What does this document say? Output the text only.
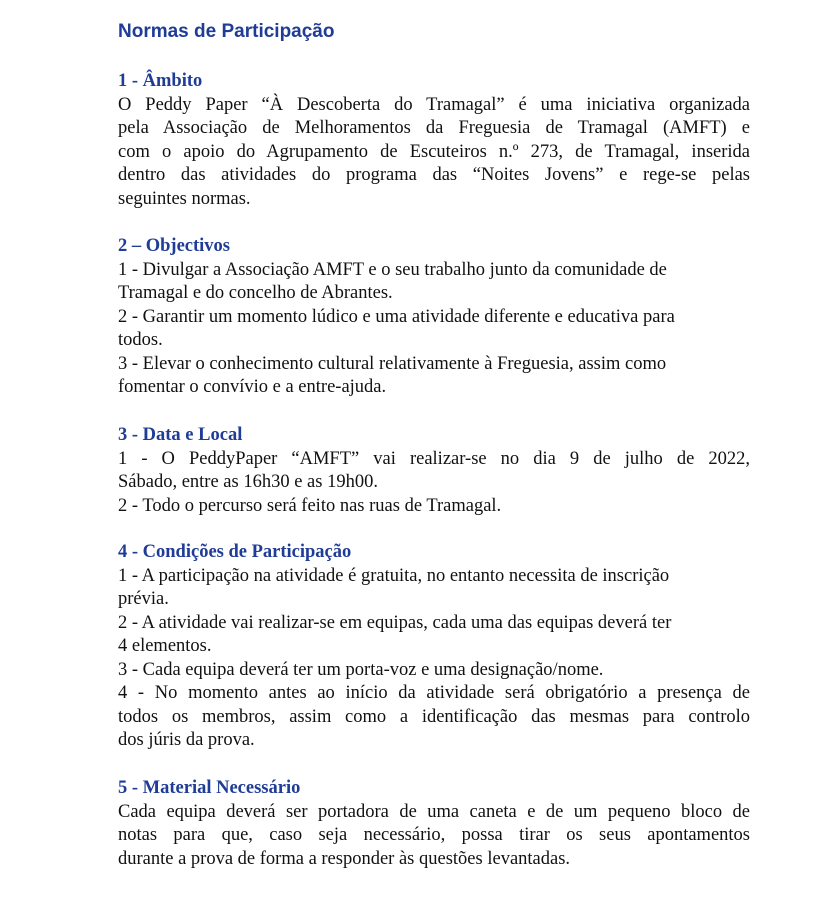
Normas de Participação

1 - Âmbito

O Peddy Paper “À Descoberta do Tramagal” é uma iniciativa organizada

pela Associação de Melhoramentos da Freguesia de Tramagal (AMFT) e

com o apoio do Agrupamento de Escuteiros n.º 273, de Tramagal, inserida

dentro das atividades do programa das “Noites Jovens” e rege-se pelas

seguintes normas.

2 – Objectivos

1 - Divulgar a Associação AMFT e o seu trabalho junto da comunidade de

Tramagal e do concelho de Abrantes.

2 - Garantir um momento lúdico e uma atividade diferente e educativa para

todos.

3 - Elevar o conhecimento cultural relativamente à Freguesia, assim como

fomentar o convívio e a entre-ajuda.

3 - Data e Local

1 - O PeddyPaper “AMFT” vai realizar-se no dia 9 de julho de 2022,

Sábado, entre as 16h30 e as 19h00.

2 - Todo o percurso será feito nas ruas de Tramagal.

4 - Condições de Participação

1 - A participação na atividade é gratuita, no entanto necessita de inscrição

prévia.

2 - A atividade vai realizar-se em equipas, cada uma das equipas deverá ter

4 elementos.

3 - Cada equipa deverá ter um porta-voz e uma designação/nome.

4 - No momento antes ao início da atividade será obrigatório a presença de

todos os membros, assim como a identificação das mesmas para controlo

dos júris da prova.

5 - Material Necessário

Cada equipa deverá ser portadora de uma caneta e de um pequeno bloco de

notas para que, caso seja necessário, possa tirar os seus apontamentos

durante a prova de forma a responder às questões levantadas.
